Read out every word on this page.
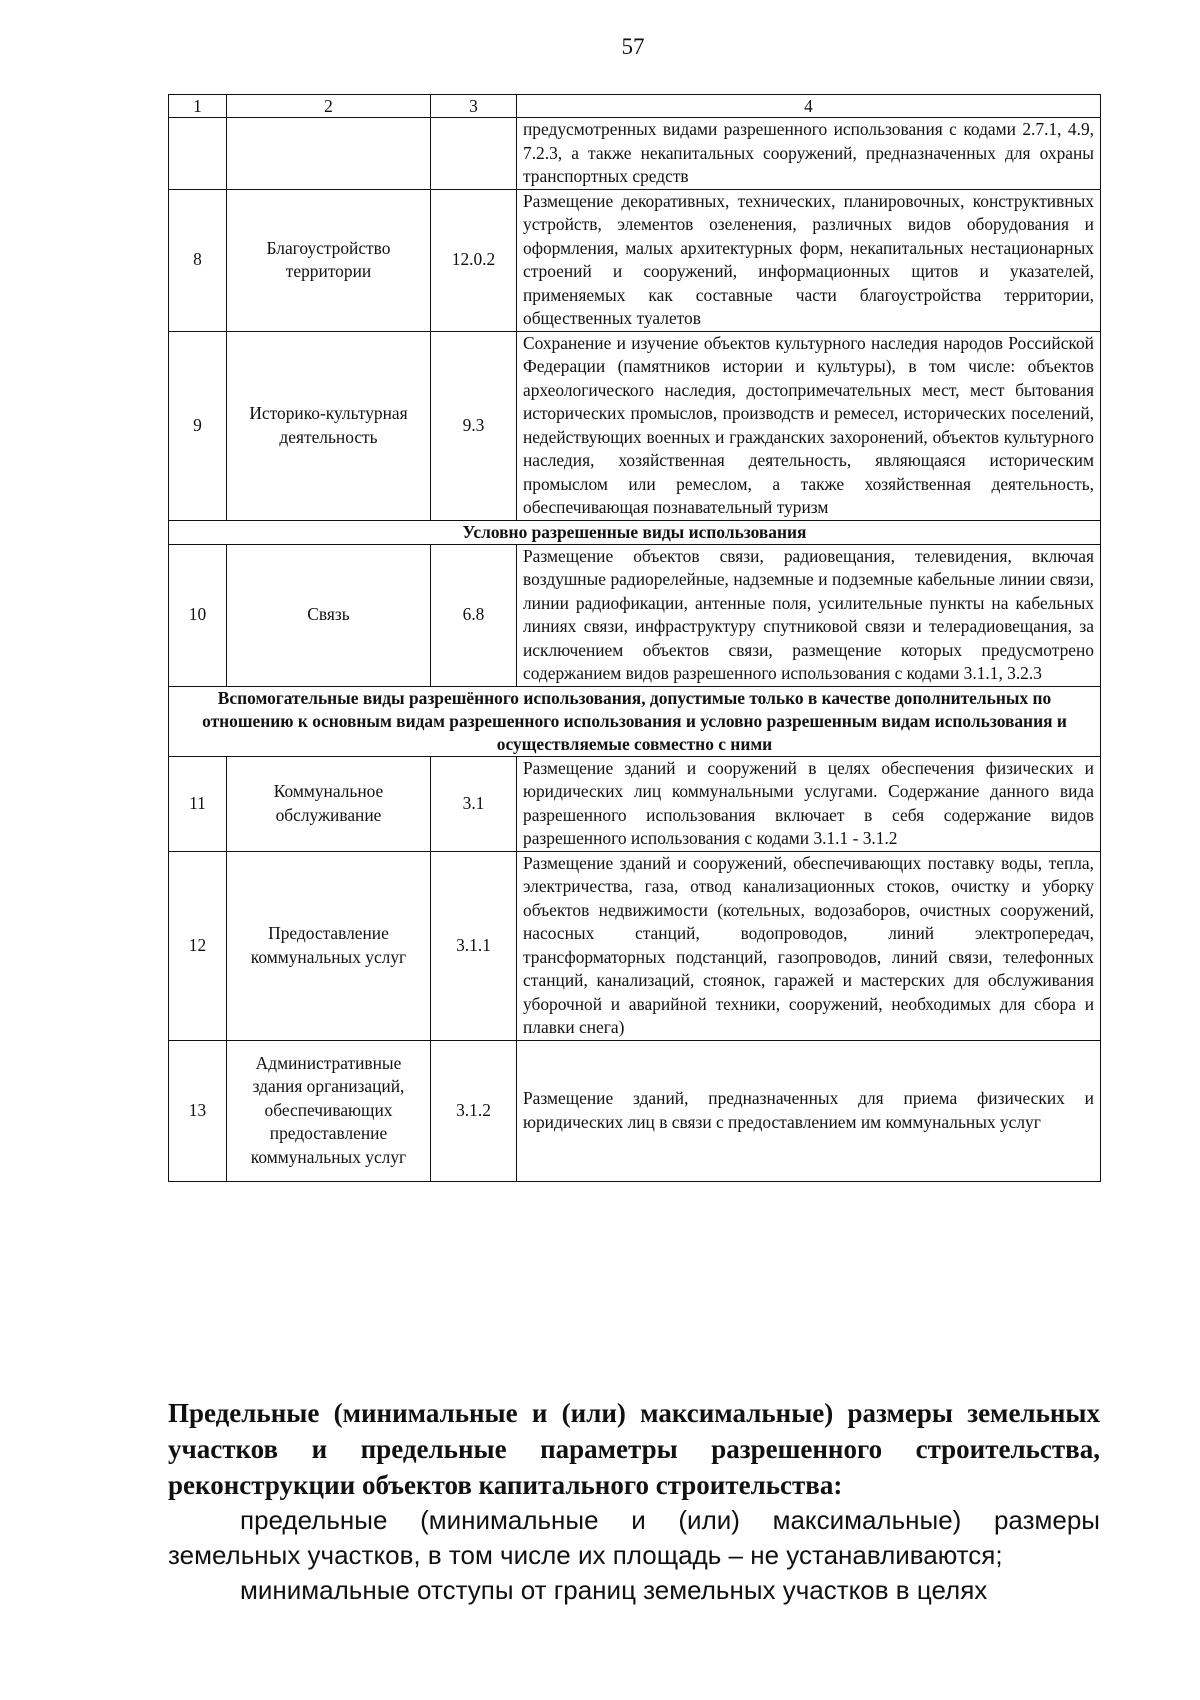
57
1	2	3	4
			предусмотренных видами разрешенного использования с кодами 2.7.1, 4.9, 7.2.3, а также некапитальных сооружений, предназначенных для охраны транспортных средств
8	Благоустройство территории	12.0.2	Размещение декоративных, технических, планировочных, конструктивных устройств, элементов озеленения, различных видов оборудования и оформления, малых архитектурных форм, некапитальных нестационарных строений и сооружений, информационных щитов и указателей, применяемых как составные части благоустройства территории, общественных туалетов
9	Историко-культурная деятельность	9.3	Сохранение и изучение объектов культурного наследия народов Российской Федерации (памятников истории и культуры), в том числе: объектов археологического наследия, достопримечательных мест, мест бытования исторических промыслов, производств и ремесел, исторических поселений, недействующих военных и гражданских захоронений, объектов культурного наследия, хозяйственная деятельность, являющаяся историческим промыслом или ремеслом, а также хозяйственная деятельность, обеспечивающая познавательный туризм
Условно разрешенные виды использования			
10	Связь	6.8	Размещение объектов связи, радиовещания, телевидения, включая воздушные радиорелейные, надземные и подземные кабельные линии связи, линии радиофикации, антенные поля, усилительные пункты на кабельных линиях связи, инфраструктуру спутниковой связи и телерадиовещания, за исключением объектов связи, размещение которых предусмотрено содержанием видов разрешенного использования с кодами 3.1.1, 3.2.3
Вспомогательные виды разрешённого использования, допустимые только в качестве дополнительных по отношению к основным видам разрешенного использования и условно разрешенным видам использования и осуществляемые совместно с ними			
11	Коммунальное обслуживание	3.1	Размещение зданий и сооружений в целях обеспечения физических и юридических лиц коммунальными услугами. Содержание данного вида разрешенного использования включает в себя содержание видов разрешенного использования с кодами 3.1.1 - 3.1.2
12	Предоставление коммунальных услуг	3.1.1	Размещение зданий и сооружений, обеспечивающих поставку воды, тепла, электричества, газа, отвод канализационных стоков, очистку и уборку объектов недвижимости (котельных, водозаборов, очистных сооружений, насосных станций, водопроводов, линий электропередач, трансформаторных подстанций, газопроводов, линий связи, телефонных станций, канализаций, стоянок, гаражей и мастерских для обслуживания уборочной и аварийной техники, сооружений, необходимых для сбора и плавки снега)
13	Административные здания организаций, обеспечивающих предоставление коммунальных услуг	3.1.2	Размещение зданий, предназначенных для приема физических и юридических лиц в связи с предоставлением им коммунальных услуг

Предельные (минимальные и (или) максимальные) размеры земельных участков и предельные параметры разрешенного строительства, реконструкции объектов капитального строительства:

предельные (минимальные и (или) максимальные) размеры земельных участков, в том числе их площадь – не устанавливаются;

минимальные отступы от границ земельных участков в целях
